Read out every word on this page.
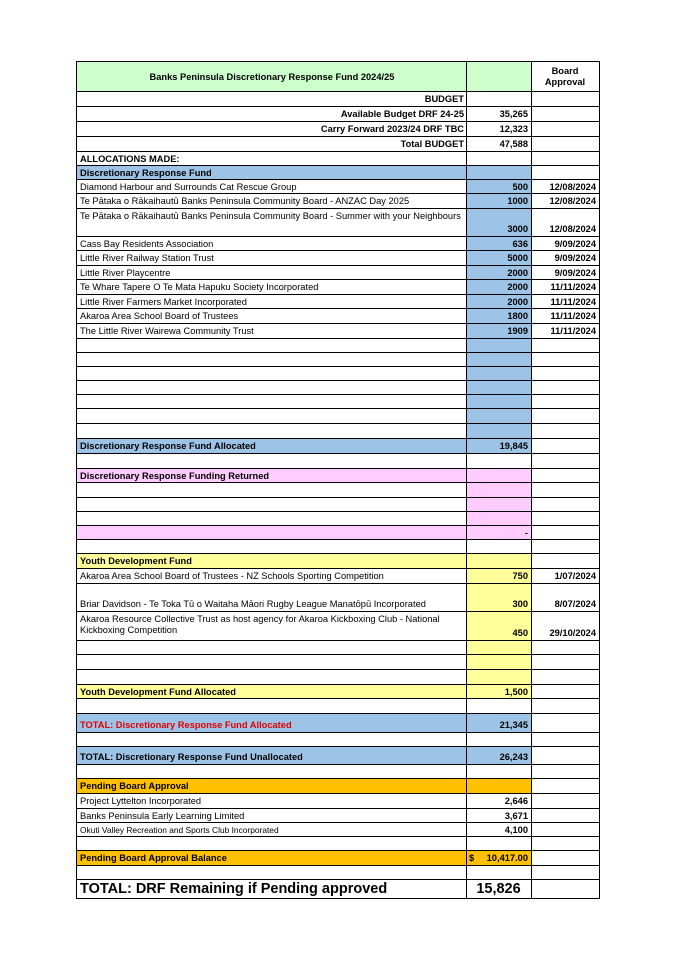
Banks Peninsula Discretionary Response Fund 2024/25
Board
Approval
BUDGET
Available Budget DRF 24-25	35,265
Carry Forward 2023/24 DRF TBC	12,323
Total BUDGET	47,588
ALLOCATIONS MADE:
Discretionary Response Fund
Diamond Harbour and Surrounds Cat Rescue Group	500	12/08/2024
Te Pātaka o Rākaihautū Banks Peninsula Community Board - ANZAC Day 2025	1000	12/08/2024
Te Pātaka o Rākaihautū Banks Peninsula Community Board - Summer with your Neighbours
3000	12/08/2024
Cass Bay Residents Association	636	9/09/2024
Little River Railway Station Trust	5000	9/09/2024
Little River Playcentre	2000	9/09/2024
Te Whare Tapere O Te Mata Hapuku Society Incorporated	2000	11/11/2024
Little River Farmers Market Incorporated	2000	11/11/2024
Akaroa Area School Board of Trustees	1800	11/11/2024
The Little River Wairewa Community Trust	1909	11/11/2024
Discretionary Response Fund Allocated	19,845
Discretionary Response Funding Returned
-
Youth Development Fund
Akaroa Area School Board of Trustees - NZ Schools Sporting Competition	750	1/07/2024
Briar Davidson - Te Toka Tū o Waitaha Māori Rugby League Manatōpū Incorporated	300	8/07/2024
Akaroa Resource Collective Trust as host agency for Akaroa Kickboxing Club - National Kickboxing Competition	450	29/10/2024
Youth Development Fund Allocated	1,500
TOTAL: Discretionary Response Fund Allocated	21,345
TOTAL: Discretionary Response Fund Unallocated	26,243
Pending Board Approval
Project Lyttelton Incorporated	2,646
Banks Peninsula Early Learning Limited	3,671
Okuti Valley Recreation and Sports Club Incorporated	4,100
Pending Board Approval Balance	$ 10,417.00
TOTAL: DRF Remaining if Pending approved	15,826
